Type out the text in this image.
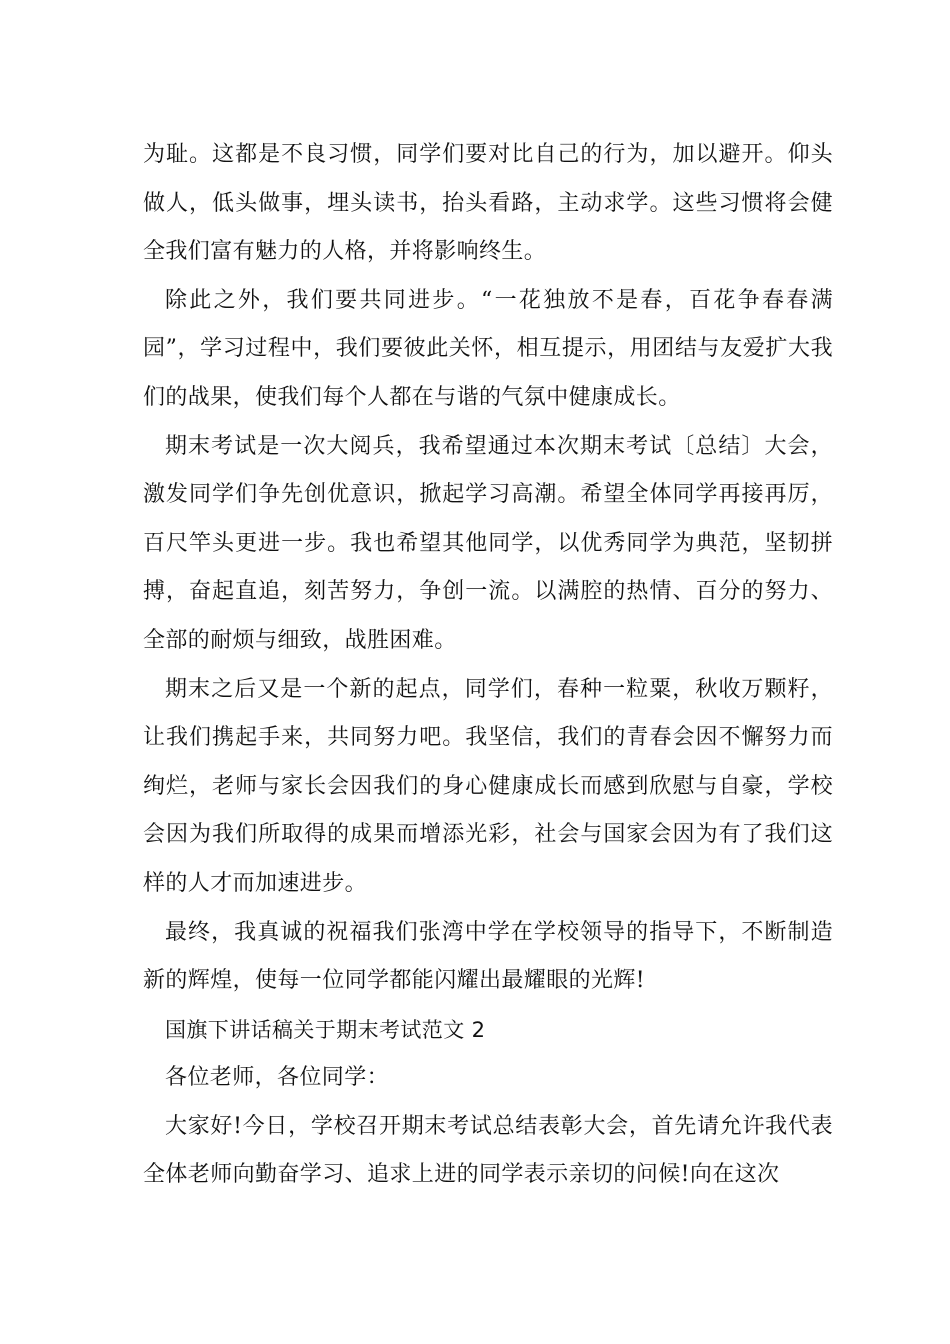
为耻。这都是不良习惯，同学们要对比自己的行为，加以避开。仰头做人，低头做事，埋头读书，抬头看路，主动求学。这些习惯将会健全我们富有魅力的人格，并将影响终生。

除此之外，我们要共同进步。“一花独放不是春，百花争春春满园”，学习过程中，我们要彼此关怀，相互提示，用团结与友爱扩大我们的战果，使我们每个人都在与谐的气氛中健康成长。

期末考试是一次大阅兵，我希望通过本次期末考试〔总结〕大会，激发同学们争先创优意识，掀起学习高潮。希望全体同学再接再厉，百尺竿头更进一步。我也希望其他同学，以优秀同学为典范，坚韧拼搏，奋起直追，刻苦努力，争创一流。以满腔的热情、百分的努力、全部的耐烦与细致，战胜困难。

期末之后又是一个新的起点，同学们，春种一粒粟，秋收万颗籽，让我们携起手来，共同努力吧。我坚信，我们的青春会因不懈努力而绚烂，老师与家长会因我们的身心健康成长而感到欣慰与自豪，学校会因为我们所取得的成果而增添光彩，社会与国家会因为有了我们这样的人才而加速进步。

最终，我真诚的祝福我们张湾中学在学校领导的指导下，不断制造新的辉煌，使每一位同学都能闪耀出最耀眼的光辉!

国旗下讲话稿关于期末考试范文 2

各位老师，各位同学：

大家好!今日，学校召开期末考试总结表彰大会，首先请允许我代表全体老师向勤奋学习、追求上进的同学表示亲切的问候!向在这次
